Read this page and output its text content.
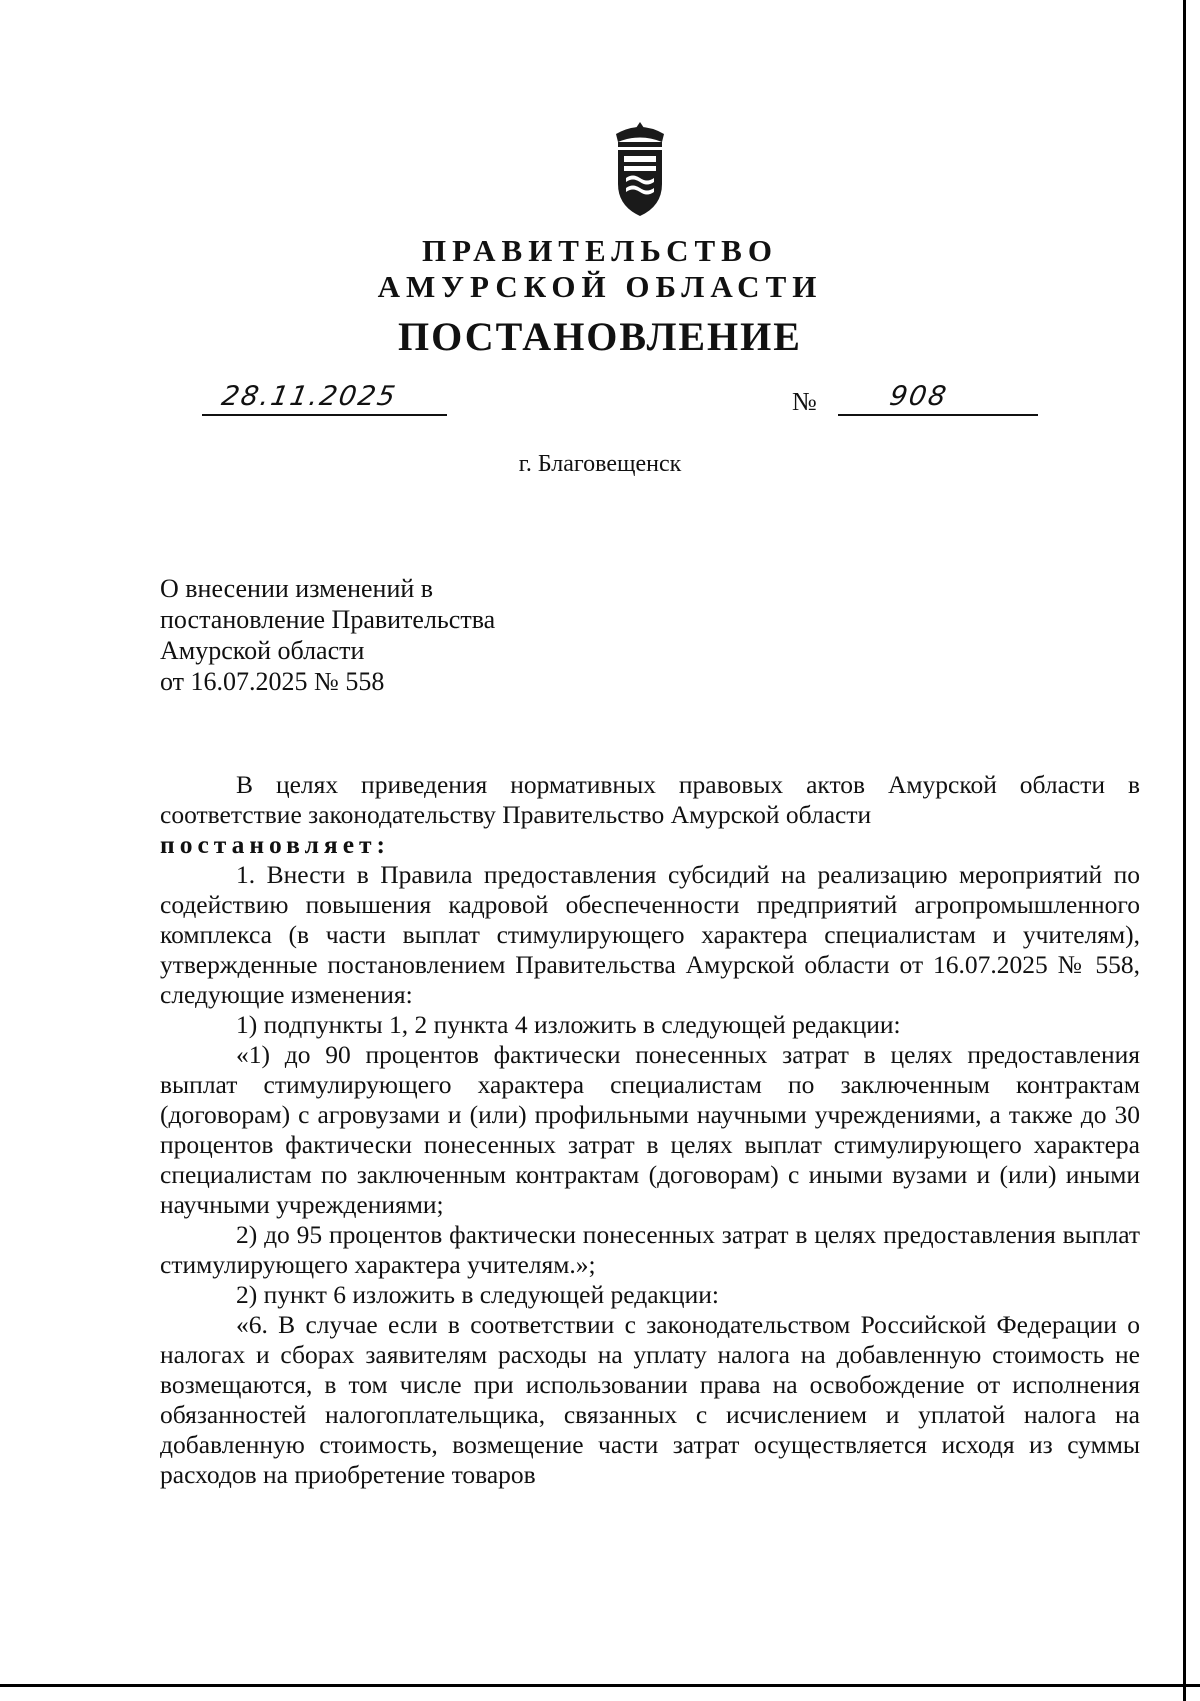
ПРАВИТЕЛЬСТВО
АМУРСКОЙ ОБЛАСТИ
ПОСТАНОВЛЕНИЕ
28.11.2025	№	908
г. Благовещенск
О внесении изменений в
постановление Правительства
Амурской области
от 16.07.2025 № 558

В целях приведения нормативных правовых актов Амурской области в соответствие законодательству Правительство Амурской области

постановляет:

1. Внести в Правила предоставления субсидий на реализацию мероприятий по содействию повышения кадровой обеспеченности предприятий агропромышленного комплекса (в части выплат стимулирующего характера специалистам и учителям), утвержденные постановлением Правительства Амурской области от 16.07.2025 № 558, следующие изменения:

1) подпункты 1, 2 пункта 4 изложить в следующей редакции:

«1) до 90 процентов фактически понесенных затрат в целях предоставления выплат стимулирующего характера специалистам по заключенным контрактам (договорам) с агровузами и (или) профильными научными учреждениями, а также до 30 процентов фактически понесенных затрат в целях выплат стимулирующего характера специалистам по заключенным контрактам (договорам) с иными вузами и (или) иными научными учреждениями;

2) до 95 процентов фактически понесенных затрат в целях предоставления выплат стимулирующего характера учителям.»;

2) пункт 6 изложить в следующей редакции:

«6. В случае если в соответствии с законодательством Российской Федерации о налогах и сборах заявителям расходы на уплату налога на добавленную стоимость не возмещаются, в том числе при использовании права на освобождение от исполнения обязанностей налогоплательщика, связанных с исчислением и уплатой налога на добавленную стоимость, возмещение части затрат осуществляется исходя из суммы расходов на приобретение товаров
